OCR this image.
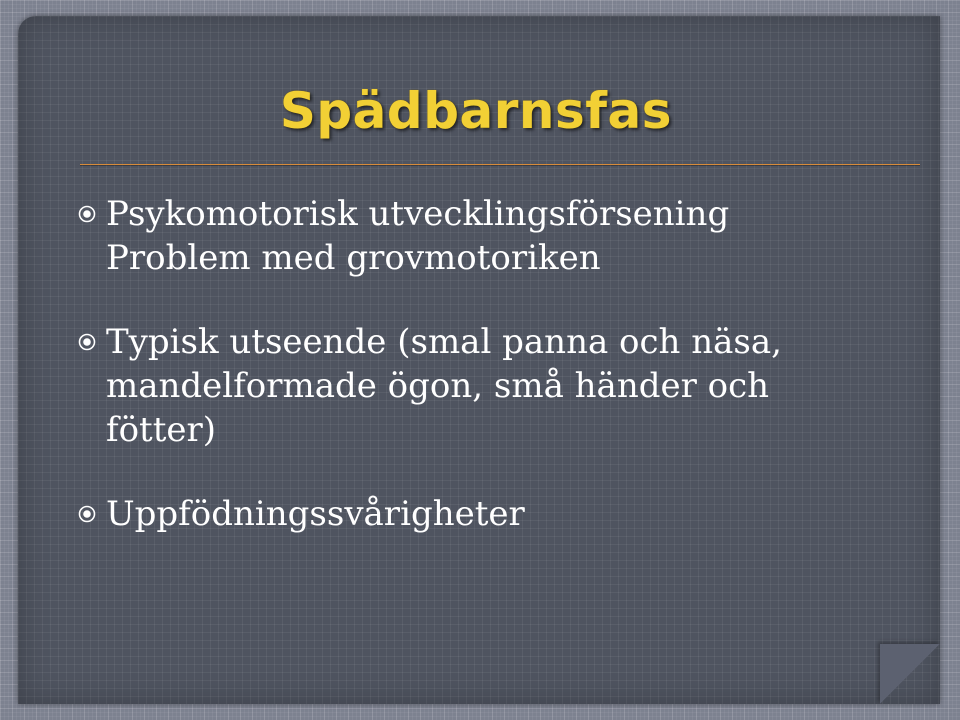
Spädbarnsfas
Psykomotorisk utvecklingsförsening
Problem med grovmotoriken
Typisk utseende (smal panna och näsa,
mandelformade ögon, små händer och
fötter)
Uppfödningssvårigheter
